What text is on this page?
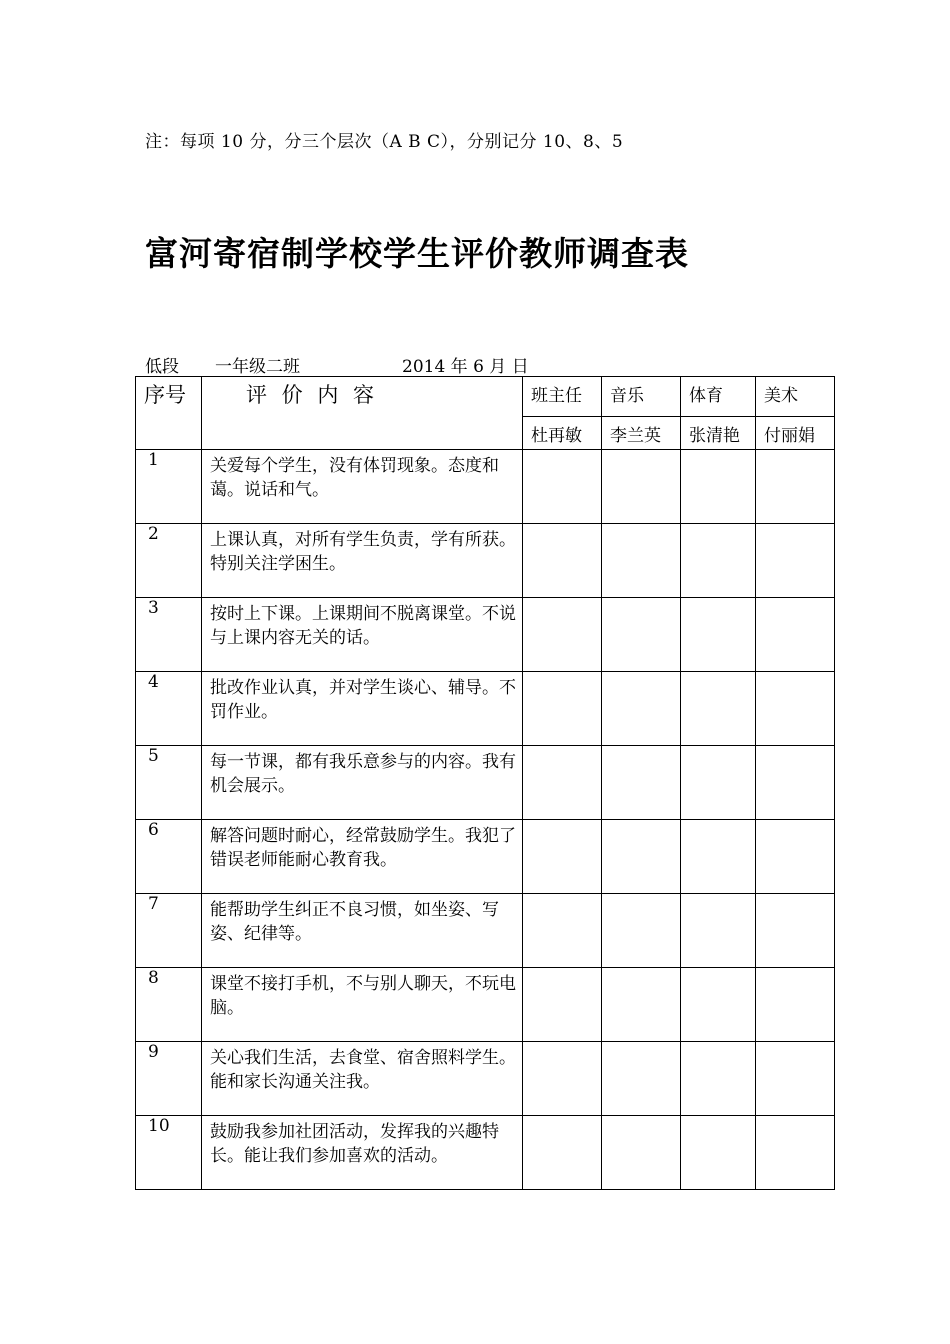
注：每项 10 分，分三个层次（A B C），分别记分 10、8、5
富河寄宿制学校学生评价教师调查表
低段 一年级二班	2014 年 6 月 日
序号	评 价 内 容	班主任	音乐	体育	美术
		杜再敏	李兰英	张清艳	付丽娟
1	关爱每个学生，没有体罚现象。态度和蔼。说话和气。				
2	上课认真，对所有学生负责，学有所获。特别关注学困生。				
3	按时上下课。上课期间不脱离课堂。不说与上课内容无关的话。				
4	批改作业认真，并对学生谈心、辅导。不罚作业。				
5	每一节课，都有我乐意参与的内容。我有机会展示。				
6	解答问题时耐心，经常鼓励学生。我犯了错误老师能耐心教育我。				
7	能帮助学生纠正不良习惯，如坐姿、写姿、纪律等。				
8	课堂不接打手机，不与别人聊天，不玩电脑。				
9	关心我们生活，去食堂、宿舍照料学生。能和家长沟通关注我。				
10	鼓励我参加社团活动，发挥我的兴趣特长。能让我们参加喜欢的活动。				
